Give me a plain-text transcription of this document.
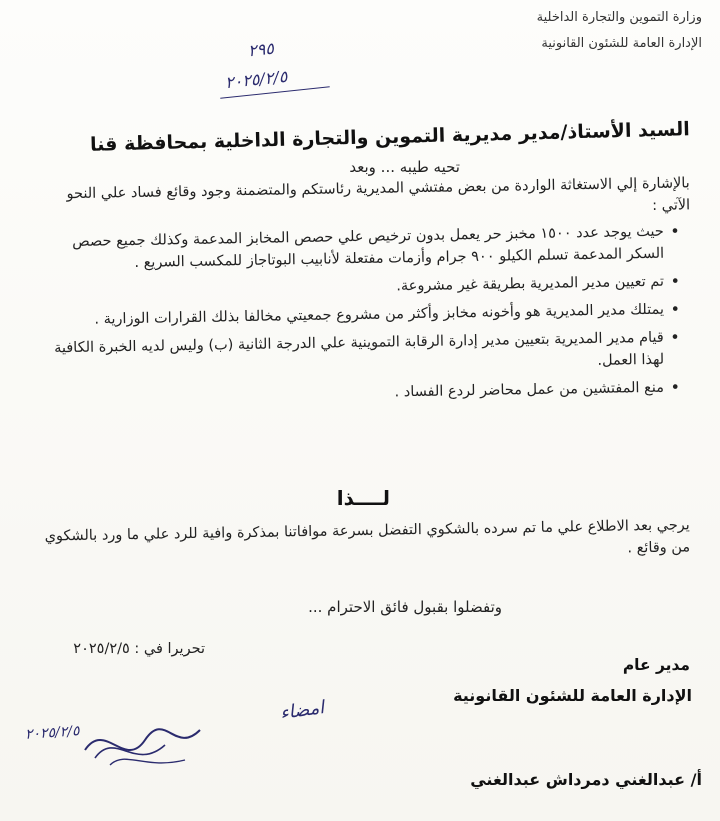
وزارة التموين والتجارة الداخلية
الإدارة العامة للشئون القانونية
٢٩٥
٢٠٢٥/٢/٥
السيد الأستاذ/مدير مديرية التموين والتجارة الداخلية بمحافظة قنا
تحيه طيبه ... وبعد
بالإشارة إلي الاستغاثة الواردة من بعض مفتشي المديرية رئاستكم والمتضمنة وجود وقائع فساد علي النحو الآتي :
• حيث يوجد عدد ١٥٠٠ مخبز حر يعمل بدون ترخيص علي حصص المخابز المدعمة وكذلك جميع حصص السكر المدعمة تسلم الكيلو ٩٠٠ جرام وأزمات مفتعلة لأنابيب البوتاجاز للمكسب السريع .
• تم تعيين مدير المديرية بطريقة غير مشروعة.
• يمتلك مدير المديرية هو وأخونه مخابز وأكثر من مشروع جمعيتي مخالفا بذلك القرارات الوزارية .
• قيام مدير المديرية بتعيين مدير إدارة الرقابة التموينية علي الدرجة الثانية (ب) وليس لديه الخبرة الكافية لهذا العمل.
• منع المفتشين من عمل محاضر لردع الفساد .
لــــذا
يرجي بعد الاطلاع علي ما تم سرده بالشكوي التفضل بسرعة موافاتنا بمذكرة وافية للرد علي ما ورد بالشكوي من وقائع .
وتفضلوا بقبول فائق الاحترام ...
تحريرا في : ٢٠٢٥/٢/٥
مدير عام
الإدارة العامة للشئون القانونية
امضاء
٢٠٢٥/٢/٥
أ/ عبدالغني دمرداش عبدالغني
